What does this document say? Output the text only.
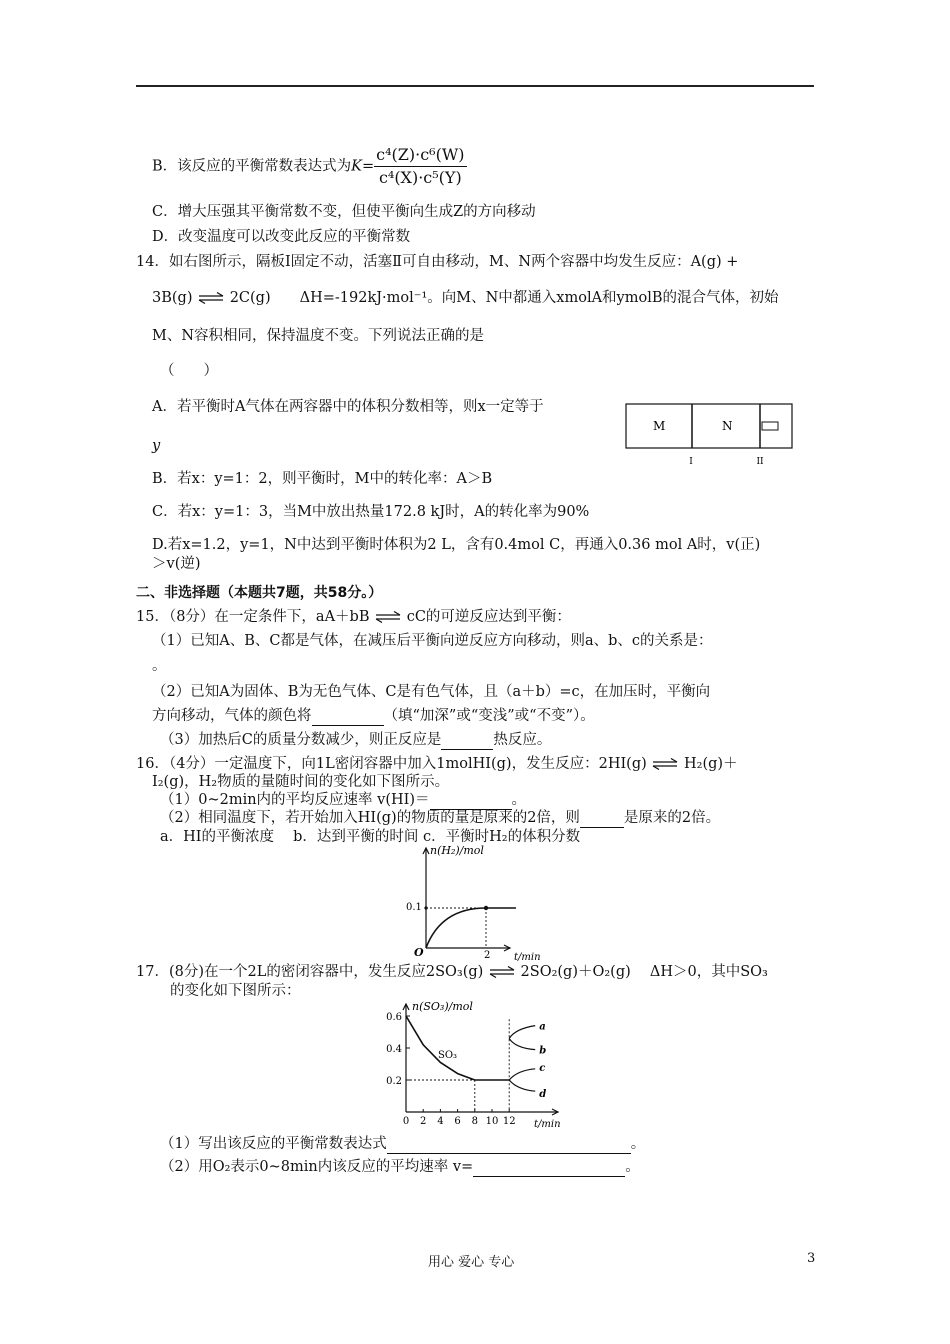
B．该反应的平衡常数表达式为$K= \frac{\text{c⁴(Z)·c⁶(W)}}{\text{c⁴(X)·c⁵(Y)}}$
C．增大压强其平衡常数不变，但使平衡向生成Z的方向移动
D．改变温度可以改变此反应的平衡常数
14．如右图所示，隔板Ⅰ固定不动，活塞Ⅱ可自由移动，M、N两个容器中均发生反应：A(g) +
3B(g) ⇌ 2C(g)　　ΔH=-192kJ·mol⁻¹。向M、N中都通入xmolA和ymolB的混合气体，初始
M、N容积相同，保持温度不变。下列说法正确的是
（　　）
A．若平衡时A气体在两容器中的体积分数相等，则x一定等于
y
B．若x：y=1：2，则平衡时，M中的转化率：A＞B
C．若x：y=1：3，当M中放出热量172.8 kJ时，A的转化率为90%
D.若x=1.2，y=1，N中达到平衡时体积为2 L，含有0.4mol C，再通入0.36 mol A时，v(正)
＞v(逆)
M	N
I	II
二、非选择题（本题共7题，共58分。）
15．（8分）在一定条件下，aA＋bB ⇌ cC的可逆反应达到平衡：
（1）已知A、B、C都是气体，在减压后平衡向逆反应方向移动，则a、b、c的关系是：
。
（2）已知A为固体、B为无色气体、C是有色气体，且（a＋b）=c，在加压时，平衡向
方向移动，气体的颜色将	（填“加深”或“变浅”或“不变”）。
（3）加热后C的质量分数减少，则正反应是	热反应。
16．（4分）一定温度下，向1L密闭容器中加入1molHI(g)，发生反应：2HI(g) ⇌ H₂(g)＋
I₂(g)，H₂物质的量随时间的变化如下图所示。
（1）0~2min内的平均反应速率 v(HI)＝	。
（2）相同温度下，若开始加入HI(g)的物质的量是原来的2倍，则	是原来的2倍。
a．HI的平衡浓度　 b．达到平衡的时间 c．平衡时H₂的体积分数
n(H₂)/mol
t/min
O
0.1
2
17．(8分)在一个2L的密闭容器中，发生反应2SO₃(g) ⇌ 2SO₂(g)＋O₂(g)　 ΔH＞0，其中SO₃
的变化如下图所示：
a
b
c
d
0.6
0.4
0.2
0 2 4 6 8 10 12
n(SO₃)/mol
t/min
SO₃
（1）写出该反应的平衡常数表达式	。
（2）用O₂表示0~8min内该反应的平均速率 v=	。
用心 爱心 专心	3
